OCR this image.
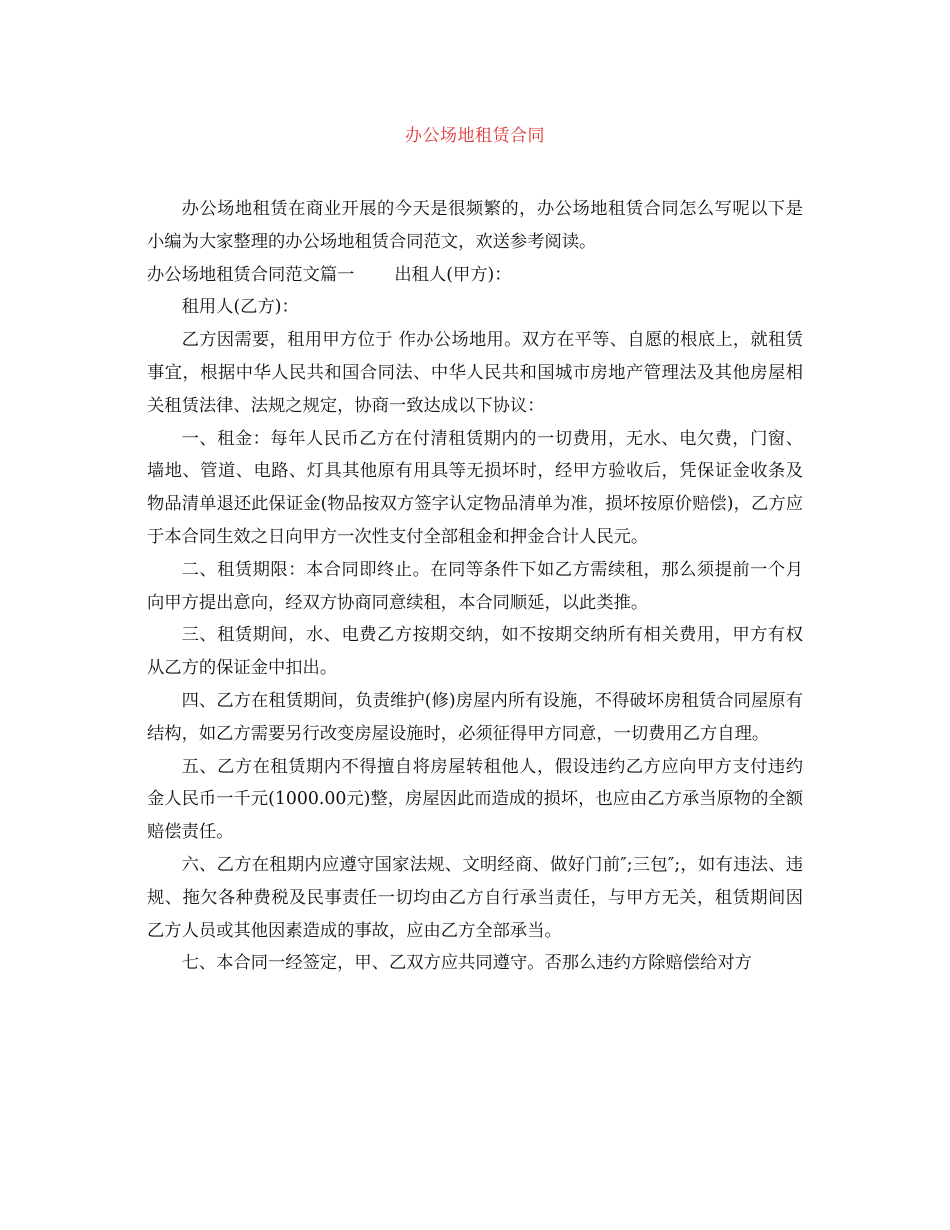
办公场地租赁合同

办公场地租赁在商业开展的今天是很频繁的，办公场地租赁合同怎么写呢以下是小编为大家整理的办公场地租赁合同范文，欢送参考阅读。

办公场地租赁合同范文篇一 出租人(甲方)：

租用人(乙方)：

乙方因需要，租用甲方位于 作办公场地用。双方在平等、自愿的根底上，就租赁事宜，根据中华人民共和国合同法、中华人民共和国城市房地产管理法及其他房屋相关租赁法律、法规之规定，协商一致达成以下协议：

一、租金：每年人民币乙方在付清租赁期内的一切费用，无水、电欠费，门窗、墙地、管道、电路、灯具其他原有用具等无损坏时，经甲方验收后，凭保证金收条及物品清单退还此保证金(物品按双方签字认定物品清单为准，损坏按原价赔偿)，乙方应于本合同生效之日向甲方一次性支付全部租金和押金合计人民元。

二、租赁期限：本合同即终止。在同等条件下如乙方需续租，那么须提前一个月向甲方提出意向，经双方协商同意续租，本合同顺延，以此类推。

三、租赁期间，水、电费乙方按期交纳，如不按期交纳所有相关费用，甲方有权从乙方的保证金中扣出。

四、乙方在租赁期间，负责维护(修)房屋内所有设施，不得破坏房租赁合同屋原有结构，如乙方需要另行改变房屋设施时，必须征得甲方同意，一切费用乙方自理。

五、乙方在租赁期内不得擅自将房屋转租他人，假设违约乙方应向甲方支付违约金人民币一千元(1000.00元)整，房屋因此而造成的损坏，也应由乙方承当原物的全额赔偿责任。

六、乙方在租期内应遵守国家法规、文明经商、做好门前″;三包″;，如有违法、违规、拖欠各种费税及民事责任一切均由乙方自行承当责任，与甲方无关，租赁期间因乙方人员或其他因素造成的事故，应由乙方全部承当。

七、本合同一经签定，甲、乙双方应共同遵守。否那么违约方除赔偿给对方
